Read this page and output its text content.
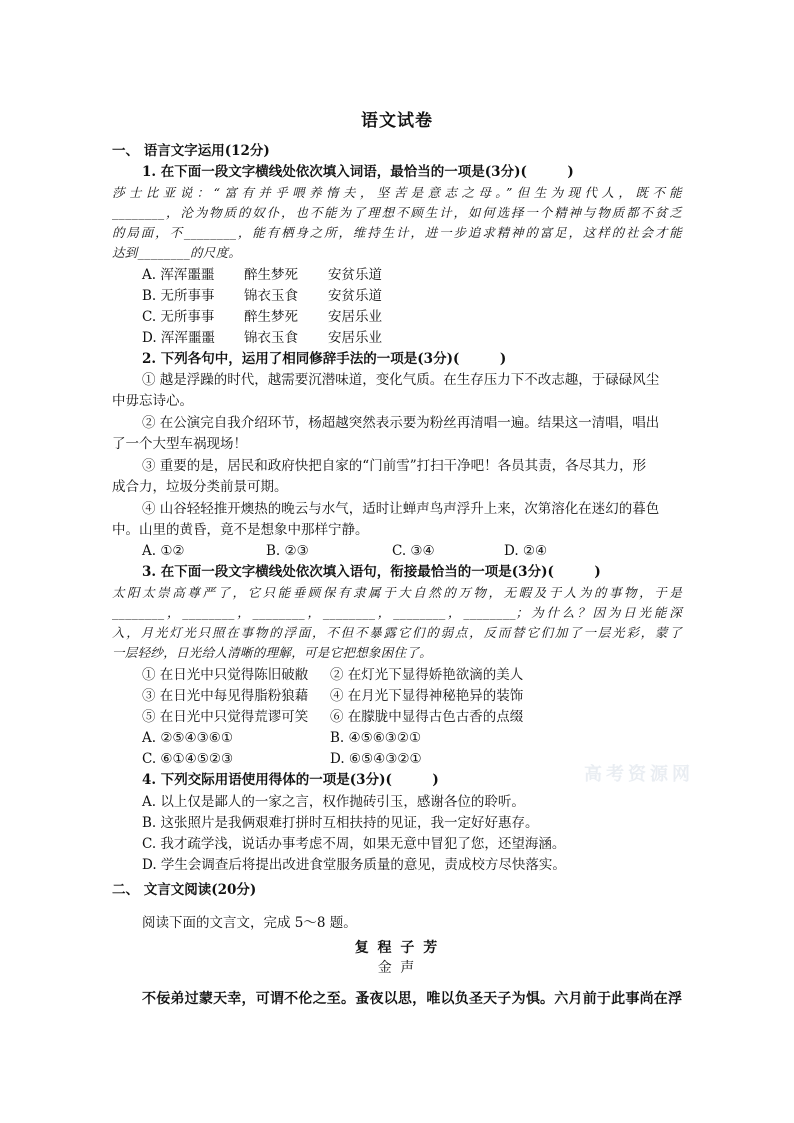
语文试卷
一、 语言文字运用(12分)
1. 在下面一段文字横线处依次填入词语，最恰当的一项是(3分)(　　　)
莎士比亚说：“富有并乎喂养惰夫，坚苦是意志之母。”但生为现代人，既不能
________，沦为物质的奴仆，也不能为了理想不顾生计，如何选择一个精神与物质都不贫乏
的局面，不________，能有栖身之所，维持生计，进一步追求精神的富足，这样的社会才能
达到________的尺度。
A. 浑浑噩噩 醉生梦死 安贫乐道
B. 无所事事 锦衣玉食 安贫乐道
C. 无所事事 醉生梦死 安居乐业
D. 浑浑噩噩 锦衣玉食 安居乐业
2. 下列各句中，运用了相同修辞手法的一项是(3分)(　　　)
① 越是浮躁的时代，越需要沉潜味道，变化气质。在生存压力下不改志趣，于碌碌风尘
中毋忘诗心。
② 在公演完自我介绍环节，杨超越突然表示要为粉丝再清唱一遍。结果这一清唱，唱出
了一个大型车祸现场！
③ 重要的是，居民和政府快把自家的“门前雪”打扫干净吧！各员其责，各尽其力，形
成合力，垃圾分类前景可期。
④ 山谷轻轻推开燠热的晚云与水气，适时让蝉声鸟声浮升上来，次第溶化在迷幻的暮色
中。山里的黄昏，竟不是想象中那样宁静。
A. ①②	B. ②③	C. ③④	D. ②④
3. 在下面一段文字横线处依次填入语句，衔接最恰当的一项是(3分)(　　　)
太阳太崇高尊严了，它只能垂顾保有隶属于大自然的万物，无暇及于人为的事物，于是
________，________，________，________，________，________；为什么？因为日光能深
入，月光灯光只照在事物的浮面，不但不暴露它们的弱点，反而替它们加了一层光彩，蒙了
一层轻纱，日光给人清晰的理解，可是它把想象困住了。
① 在日光中只觉得陈旧破敝 ② 在灯光下显得娇艳欲滴的美人
③ 在日光中每见得脂粉狼藉 ④ 在月光下显得神秘艳异的装饰
⑤ 在日光中只觉得荒谬可笑 ⑥ 在朦胧中显得古色古香的点缀
A. ②⑤④③⑥①	B. ④⑤⑥③②①
C. ⑥①④⑤②③	D. ⑥⑤④③②①
4. 下列交际用语使用得体的一项是(3分)(　　　)
A. 以上仅是鄙人的一家之言，权作抛砖引玉，感谢各位的聆听。
B. 这张照片是我俩艰难打拼时互相扶持的见证，我一定好好惠存。
C. 我才疏学浅，说话办事考虑不周，如果无意中冒犯了您，还望海涵。
D. 学生会调查后将提出改进食堂服务质量的意见，责成校方尽快落实。
高考资源网
二、 文言文阅读(20分)
阅读下面的文言文，完成 5～8 题。
复 程 子 芳
金 声
不佞弟过蒙天幸，可谓不伦之至。蚤夜以思，唯以负圣天子为惧。六月前于此事尚在浮
